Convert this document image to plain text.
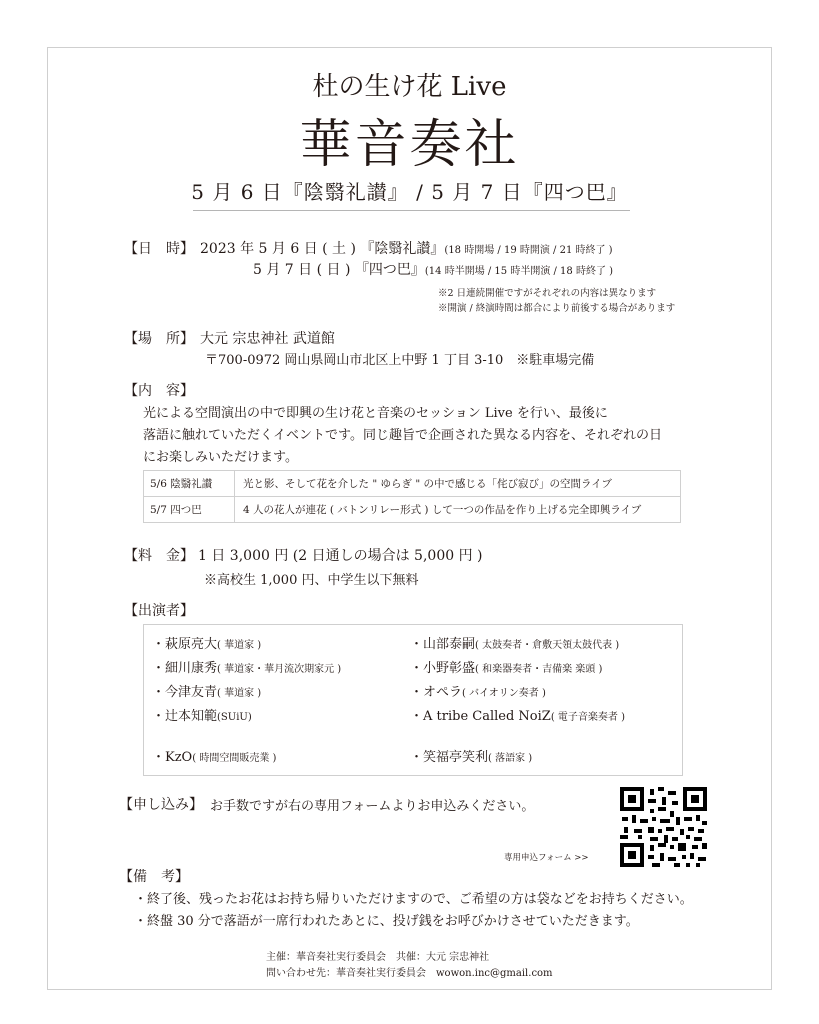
杜の生け花 Live
華音奏社
5 月 6 日『陰翳礼讃』 / 5 月 7 日『四つ巴』
【日　時】 2023 年 5 月 6 日 ( 土 ) 『陰翳礼讃』(18 時開場 / 19 時開演 / 21 時終了 )
5 月 7 日 ( 日 ) 『四つ巴』(14 時半開場 / 15 時半開演 / 18 時終了 )
※2 日連続開催ですがそれぞれの内容は異なります
※開演 / 終演時間は都合により前後する場合があります
【場　所】 大元 宗忠神社 武道館
〒700-0972 岡山県岡山市北区上中野 1 丁目 3-10　※駐車場完備
【内　容】
光による空間演出の中で即興の生け花と音楽のセッション Live を行い、最後に
落語に触れていただくイベントです。同じ趣旨で企画された異なる内容を、それぞれの日
にお楽しみいただけます。
5/6 陰翳礼讃	光と影、そして花を介した " ゆらぎ " の中で感じる「侘び寂び」の空間ライブ
5/7 四つ巴	4 人の花人が連花 ( バトンリレー形式 ) して一つの作品を作り上げる完全即興ライブ
【料　金】 1 日 3,000 円 (2 日通しの場合は 5,000 円 )
※高校生 1,000 円、中学生以下無料
【出演者】
・萩原亮大( 華道家 )
・細川康秀( 華道家・華月流次期家元 )
・今津友青( 華道家 )
・辻本知範(SUiU)
・KzO( 時間空間販売業 )
・山部泰嗣( 太鼓奏者・倉敷天領太鼓代表 )
・小野彰盛( 和楽器奏者・吉備楽 楽頭 )
・オペラ( バイオリン奏者 )
・A tribe Called NoiZ( 電子音楽奏者 )
・笑福亭笑利( 落語家 )
【申し込み】 お手数ですが右の専用フォームよりお申込みください。
専用申込フォーム >>
【備　考】
・終了後、残ったお花はお持ち帰りいただけますので、ご希望の方は袋などをお持ちください。
・終盤 30 分で落語が一席行われたあとに、投げ銭をお呼びかけさせていただきます。
主催：華音奏社実行委員会　共催：大元 宗忠神社
問い合わせ先：華音奏社実行委員会　wowon.inc@gmail.com
